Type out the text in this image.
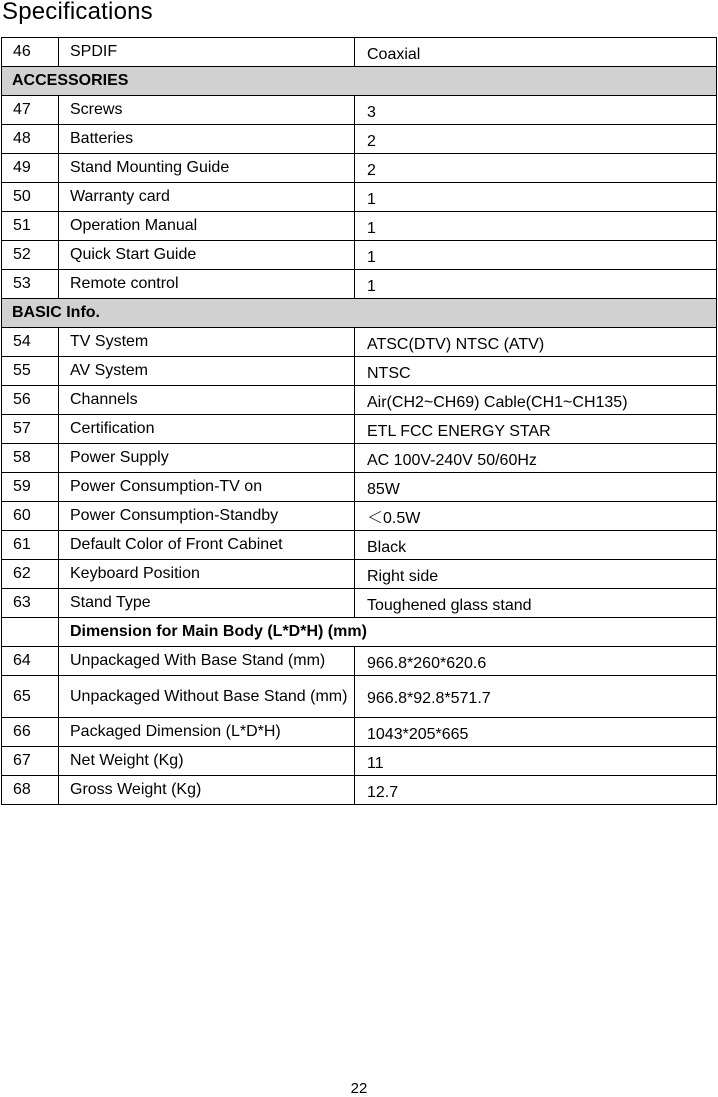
Specifications
46	SPDIF	Coaxial
ACCESSORIES		
47	Screws	3
48	Batteries	2
49	Stand Mounting Guide	2
50	Warranty card	1
51	Operation Manual	1
52	Quick Start Guide	1
53	Remote control	1
BASIC Info.		
54	TV System	ATSC(DTV) NTSC (ATV)
55	AV System	NTSC
56	Channels	Air(CH2~CH69) Cable(CH1~CH135)
57	Certification	ETL FCC ENERGY STAR
58	Power Supply	AC 100V-240V 50/60Hz
59	Power Consumption-TV on	85W
60	Power Consumption-Standby	＜0.5W
61	Default Color of Front Cabinet	Black
62	Keyboard Position	Right side
63	Stand Type	Toughened glass stand
	Dimension for Main Body (L*D*H) (mm)	
64	Unpackaged With Base Stand (mm)	966.8*260*620.6
65	Unpackaged Without Base Stand (mm)	966.8*92.8*571.7
66	Packaged Dimension (L*D*H)	1043*205*665
67	Net Weight (Kg)	11
68	Gross Weight (Kg)	12.7
22
